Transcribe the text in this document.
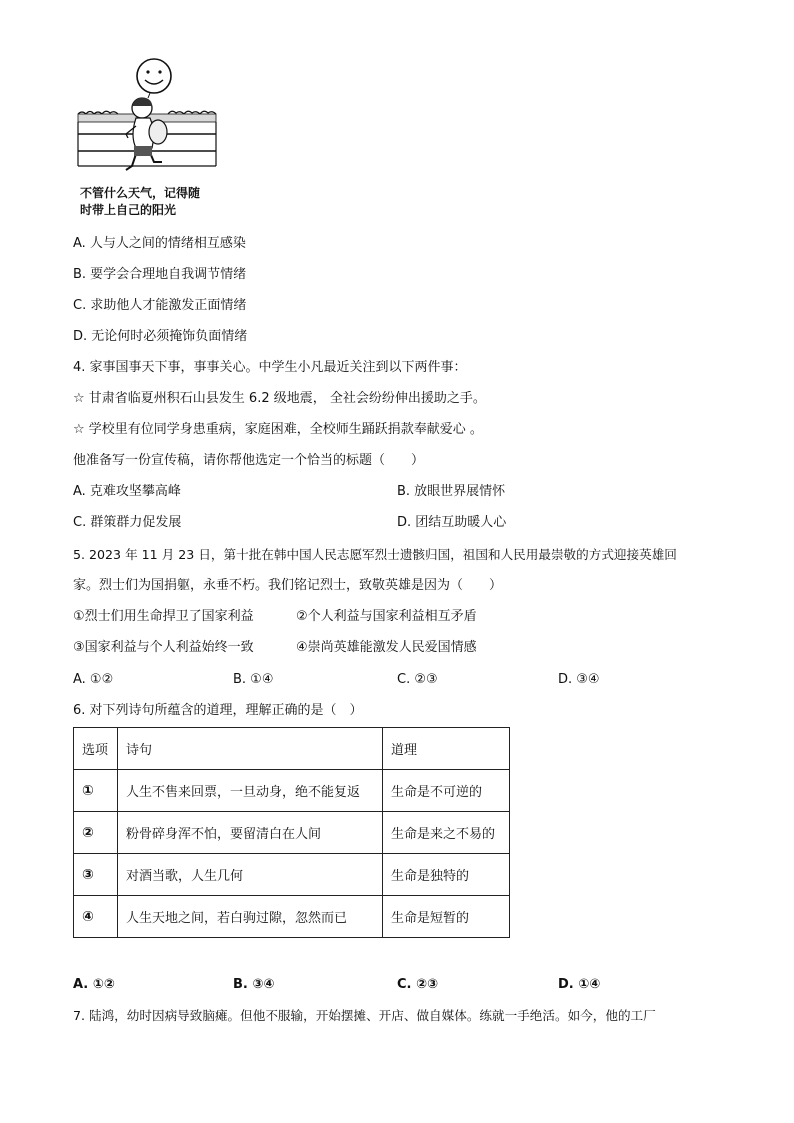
不管什么天气，记得随
时带上自己的阳光
A. 人与人之间的情绪相互感染
B. 要学会合理地自我调节情绪
C. 求助他人才能激发正面情绪
D. 无论何时必须掩饰负面情绪
4. 家事国事天下事，事事关心。中学生小凡最近关注到以下两件事：
☆ 甘肃省临夏州积石山县发生 6.2 级地震， 全社会纷纷伸出援助之手。
☆ 学校里有位同学身患重病，家庭困难，全校师生踊跃捐款奉献爱心 。
他准备写一份宣传稿，请你帮他选定一个恰当的标题（　　）
A. 克难攻坚攀高峰	B. 放眼世界展情怀
C. 群策群力促发展	D. 团结互助暖人心
5. 2023 年 11 月 23 日，第十批在韩中国人民志愿军烈士遗骸归国，祖国和人民用最崇敬的方式迎接英雄回
家。烈士们为国捐躯，永垂不朽。我们铭记烈士，致敬英雄是因为（　　）
①烈士们用生命捍卫了国家利益	②个人利益与国家利益相互矛盾
③国家利益与个人利益始终一致	④崇尚英雄能激发人民爱国情感
A. ①②	B. ①④	C. ②③	D. ③④
6. 对下列诗句所蕴含的道理，理解正确的是（　）
选项	诗句	道理
①	人生不售来回票，一旦动身，绝不能复返	生命是不可逆的
②	粉骨碎身浑不怕，要留清白在人间	生命是来之不易的
③	对酒当歌，人生几何	生命是独特的
④	人生天地之间，若白驹过隙，忽然而已	生命是短暂的
A. ①②	B. ③④	C. ②③	D. ①④
7. 陆鸿，幼时因病导致脑瘫。但他不服输，开始摆摊、开店、做自媒体。练就一手绝活。如今，他的工厂
